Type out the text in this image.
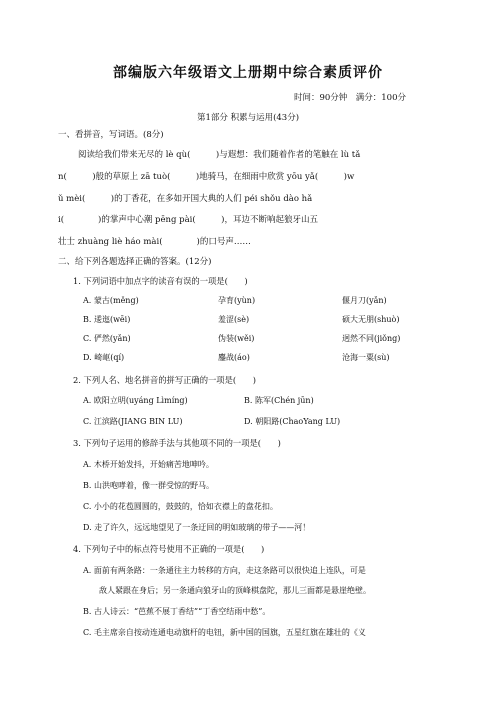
部编版六年级语文上册期中综合素质评价
时间：90分钟　满分：100分
第1部分 积累与运用(43分)
一、看拼音，写词语。(8分)
阅读给我们带来无尽的 lè qù(　　　)与遐想：我们随着作者的笔触在 lù tǎ
n(　　　)般的草原上 zā tuò(　　　)地骑马，在细雨中欣赏 yōu yǎ(　　　)w
ǔ mèi(　　　)的丁香花，在多如开国大典的人们 péi shǒu dào hǎ
i(　　　　)的掌声中心潮 pēng pài(　　　)，耳边不断响起狼牙山五
壮士 zhuàng liè háo mài(　　　　)的口号声……
二、给下列各题选择正确的答案。(12分)
1. 下列词语中加点字的读音有误的一项是(　　)
A. 蒙古(měng)	孕育(yùn)	偃月刀(yǎn)
B. 逶迤(wēi)	羞涩(sè)	硕大无朋(shuò)
C. 俨然(yǎn)	伪装(wěi)	迥然不同(jiǒng)
D. 崎岖(qí)	鏖战(áo)	沧海一粟(sù)
2. 下列人名、地名拼音的拼写正确的一项是(　　)
A. 欧阳立明(uyáng Lìmíng)	B. 陈军(Chén jūn)
C. 江滨路(JIANG BIN LU)	D. 朝阳路(ChaoYang LU)
3. 下列句子运用的修辞手法与其他项不同的一项是(　　)
A. 木桥开始发抖，开始痛苦地呻吟。
B. 山洪咆哮着，像一群受惊的野马。
C. 小小的花苞圆圆的，鼓鼓的，恰如衣襟上的盘花扣。
D. 走了许久，远远地望见了一条迂回的明如玻璃的带子——河！
4. 下列句子中的标点符号使用不正确的一项是(　　)
A. 面前有两条路：一条通往主力转移的方向，走这条路可以很快追上连队，可是
敌人紧跟在身后；另一条通向狼牙山的顶峰棋盘陀，那儿三面都是悬崖绝壁。
B. 古人诗云：“芭蕉不展丁香结”“丁香空结雨中愁”。
C. 毛主席亲自按动连通电动旗杆的电钮，新中国的国旗，五星红旗在雄壮的《义
